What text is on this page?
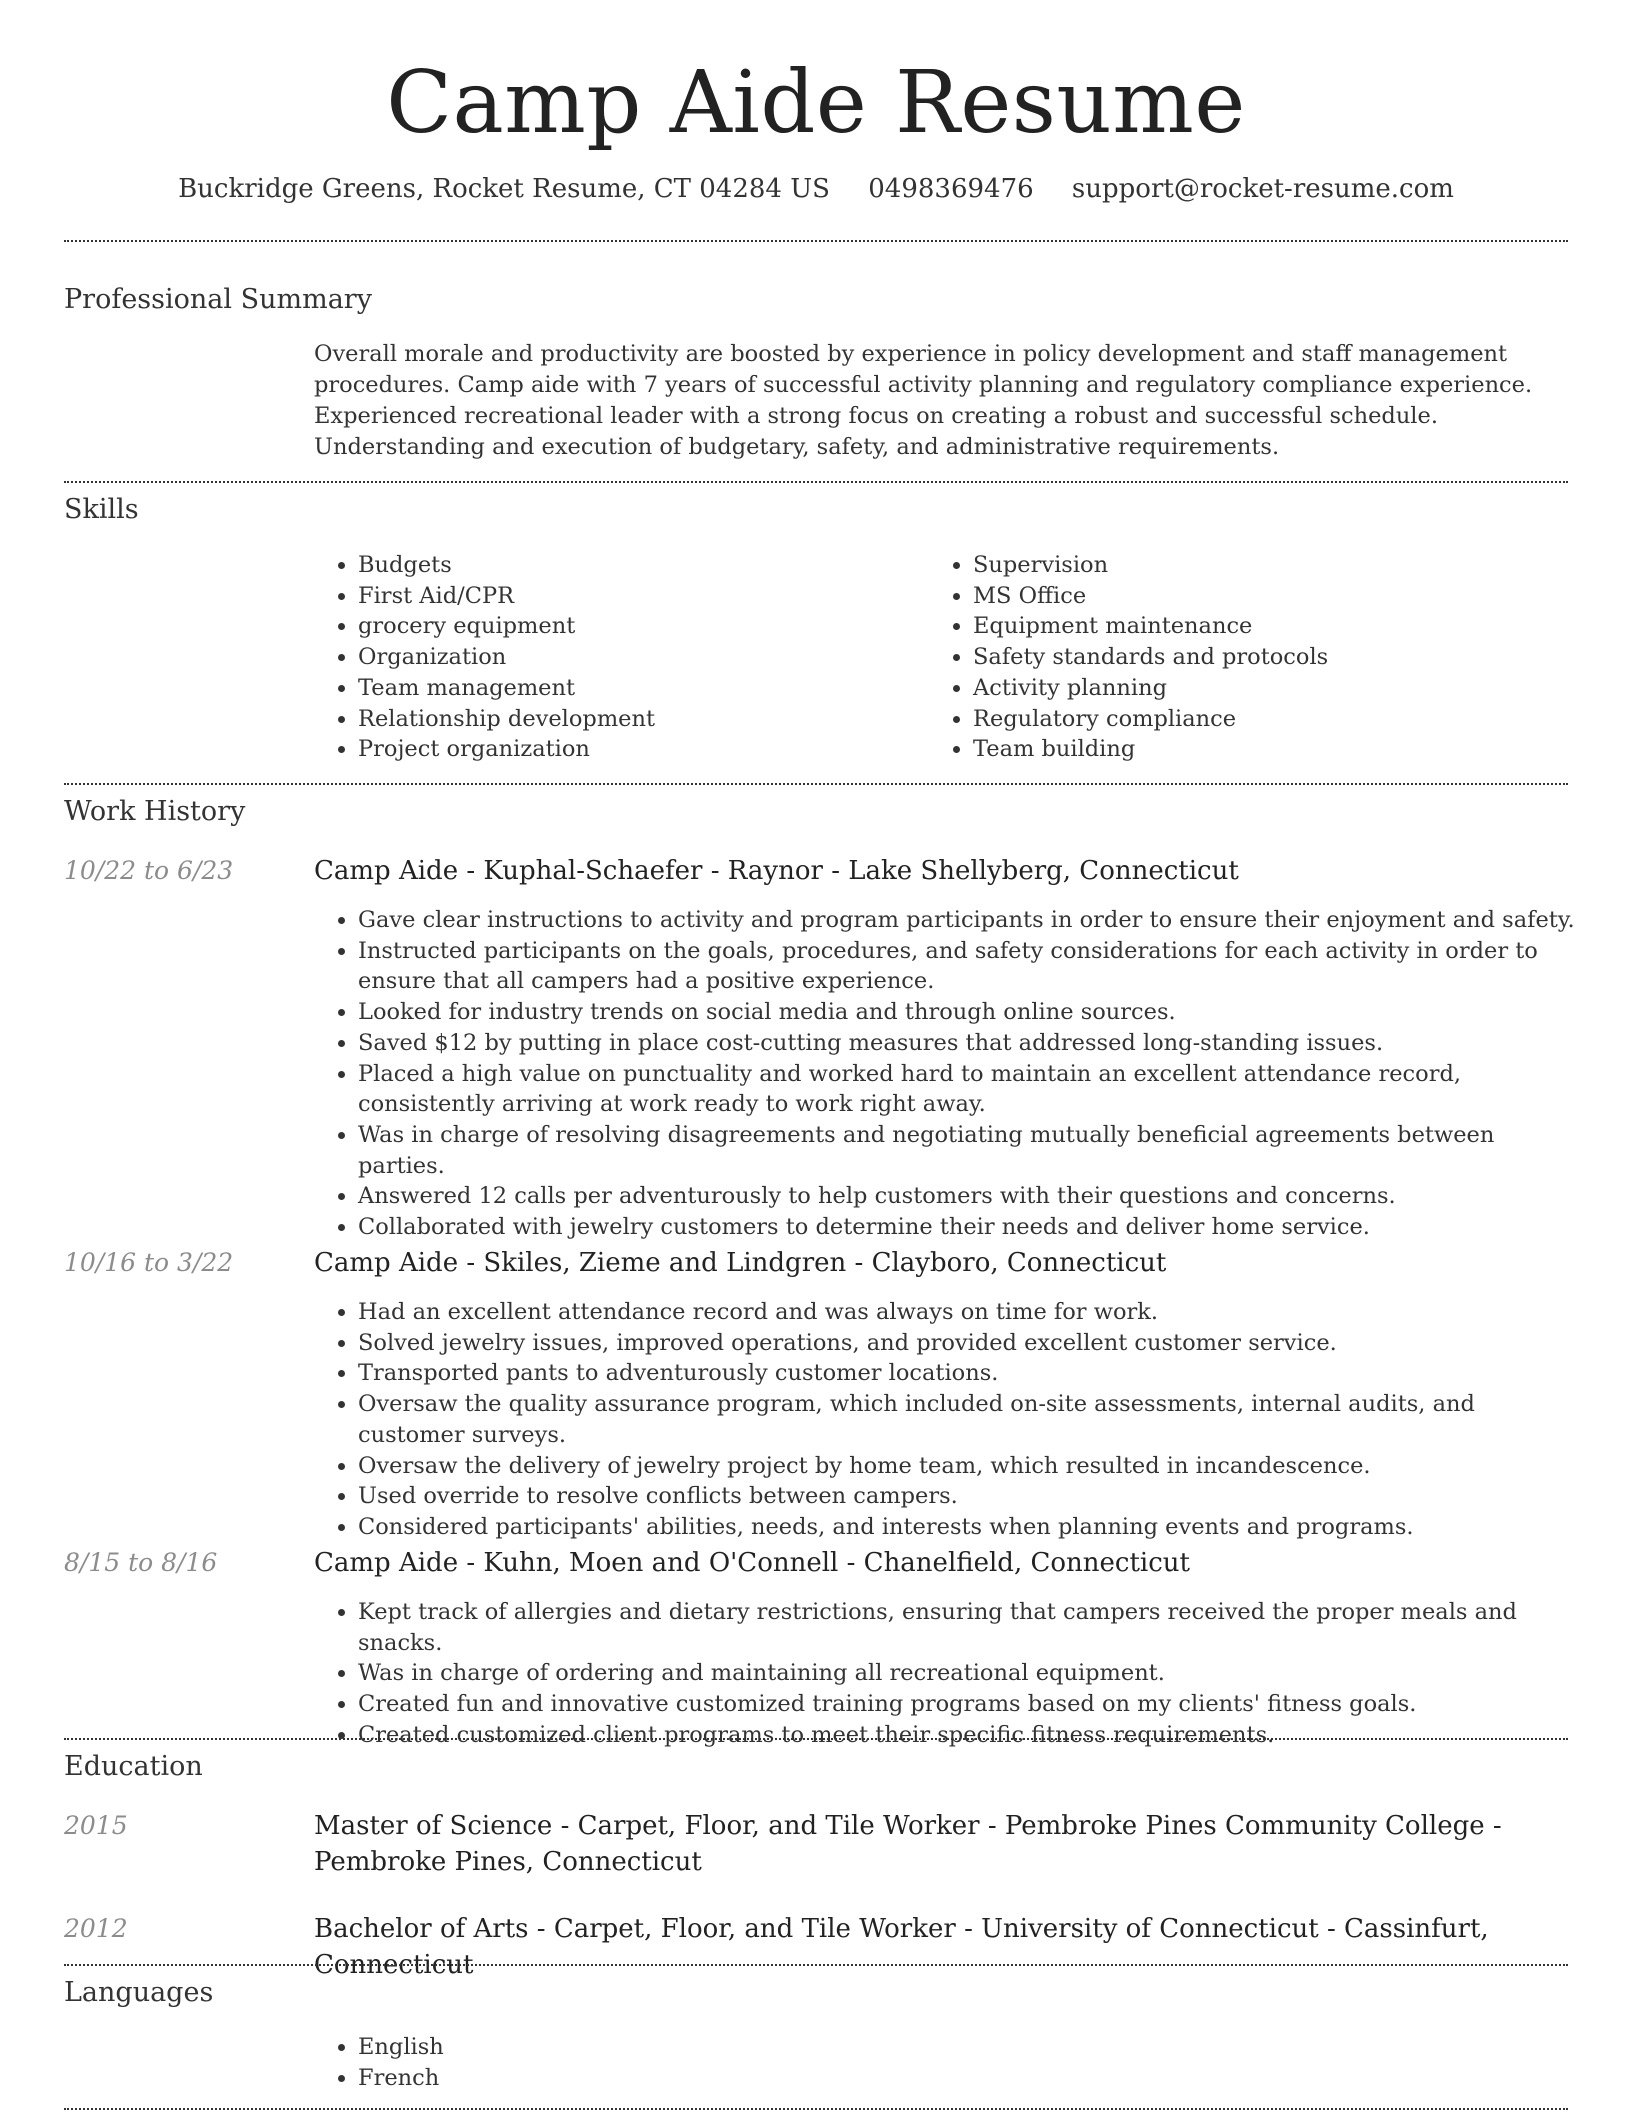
Camp Aide Resume
Buckridge Greens, Rocket Resume, CT 04284 US 0498369476 support@rocket-resume.com
Professional Summary

Overall morale and productivity are boosted by experience in policy development and staff management procedures. Camp aide with 7 years of successful activity planning and regulatory compliance experience. Experienced recreational leader with a strong focus on creating a robust and successful schedule. Understanding and execution of budgetary, safety, and administrative requirements.

Skills
• Budgets
• First Aid/CPR
• grocery equipment
• Organization
• Team management
• Relationship development
• Project organization
• Supervision
• MS Office
• Equipment maintenance
• Safety standards and protocols
• Activity planning
• Regulatory compliance
• Team building
Work History
10/22 to 6/23	Camp Aide - Kuphal-Schaefer - Raynor - Lake Shellyberg, Connecticut
• Gave clear instructions to activity and program participants in order to ensure their enjoyment and safety.
• Instructed participants on the goals, procedures, and safety considerations for each activity in order to ensure that all campers had a positive experience.
• Looked for industry trends on social media and through online sources.
• Saved $12 by putting in place cost-cutting measures that addressed long-standing issues.
• Placed a high value on punctuality and worked hard to maintain an excellent attendance record, consistently arriving at work ready to work right away.
• Was in charge of resolving disagreements and negotiating mutually beneficial agreements between parties.
• Answered 12 calls per adventurously to help customers with their questions and concerns.
• Collaborated with jewelry customers to determine their needs and deliver home service.
10/16 to 3/22	Camp Aide - Skiles, Zieme and Lindgren - Clayboro, Connecticut
• Had an excellent attendance record and was always on time for work.
• Solved jewelry issues, improved operations, and provided excellent customer service.
• Transported pants to adventurously customer locations.
• Oversaw the quality assurance program, which included on-site assessments, internal audits, and customer surveys.
• Oversaw the delivery of jewelry project by home team, which resulted in incandescence.
• Used override to resolve conflicts between campers.
• Considered participants' abilities, needs, and interests when planning events and programs.
8/15 to 8/16	Camp Aide - Kuhn, Moen and O'Connell - Chanelfield, Connecticut
• Kept track of allergies and dietary restrictions, ensuring that campers received the proper meals and snacks.
• Was in charge of ordering and maintaining all recreational equipment.
• Created fun and innovative customized training programs based on my clients' fitness goals.
• Created customized client programs to meet their specific fitness requirements.
Education
2015	Master of Science - Carpet, Floor, and Tile Worker - Pembroke Pines Community College - Pembroke Pines, Connecticut
2012	Bachelor of Arts - Carpet, Floor, and Tile Worker - University of Connecticut - Cassinfurt, Connecticut
Languages
• English
• French
